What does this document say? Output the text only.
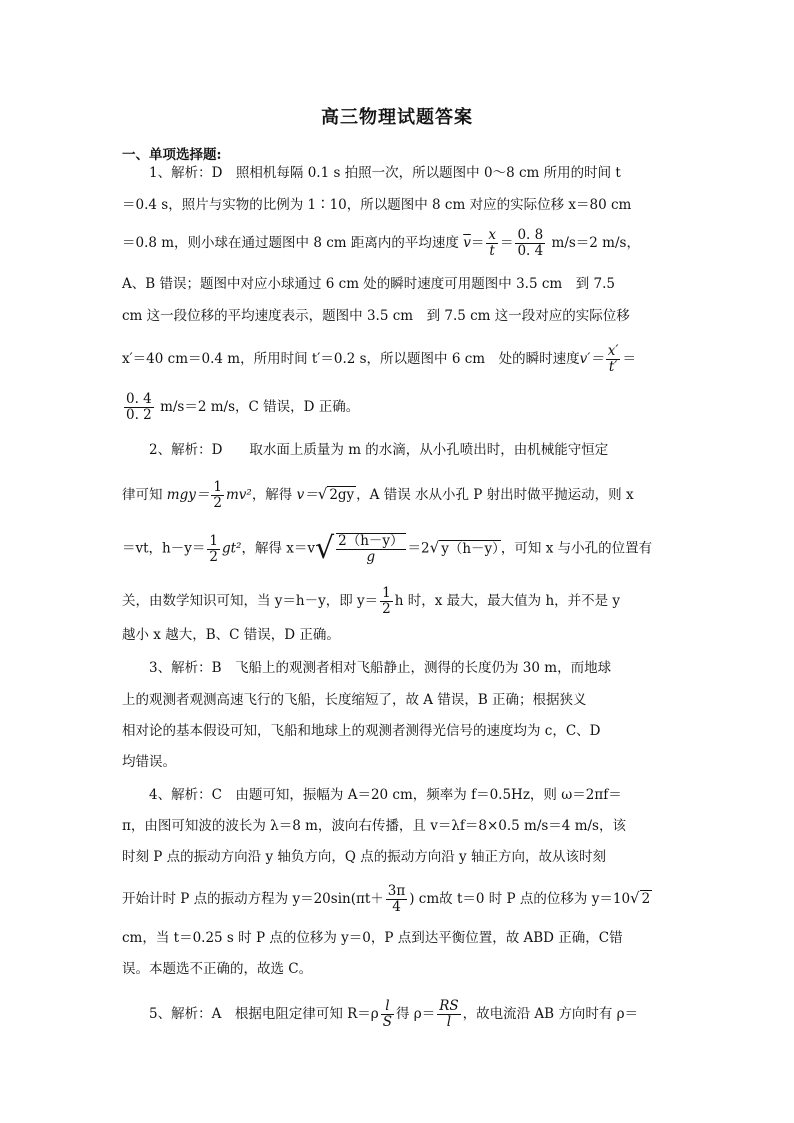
高三物理试题答案
一、单项选择题:
1、解析：D　照相机每隔 0.1 s 拍照一次，所以题图中 0～8 cm 所用的时间 t
＝0.4 s，照片与实物的比例为 1∶10，所以题图中 8 cm 对应的实际位移 x＝80 cm
＝0.8 m，则小球在通过题图中 8 cm 距离内的平均速度 $\overline{v}= \frac{x}{t} = \frac{0. 8}{0. 4} m/s=2$ m/s，
A、B 错误；题图中对应小球通过 6 cm 处的瞬时速度可用题图中 3.5 cm　到 7.5
cm 这一段位移的平均速度表示，题图中 3.5 cm　到 7.5 cm 这一段对应的实际位移
x′＝40 cm＝0.4 m，所用时间 t′＝0.2 s，所以题图中 6 cm　处的瞬时速度$v'= \frac{x'}{t'}$ ＝
$\frac{0. 4}{0. 2} m/s=2$ m/s，C 错误，D 正确。
2、解析：D　　取水面上质量为 m 的水滴，从小孔喷出时，由机械能守恒定
律可知 $mgy= \frac{1}{2} mv^2$，解得 v＝√ 2gy ，A 错误 水从小孔 P 射出时做平抛运动，则 x
＝vt，$h-y= \frac{1}{2} gt^2$，解得 $x=v√ \frac{2(h-y)}{g} =2√$ y（h－y） ，可知 x 与小孔的位置有
关，由数学知识可知，当 y＝h－y，即 $y= \frac{1}{2}$ h 时，x 最大，最大值为 h，并不是 y
越小 x 越大，B、C 错误，D 正确。
3、解析：B　飞船上的观测者相对飞船静止，测得的长度仍为 30 m，而地球
上的观测者观测高速飞行的飞船，长度缩短了，故 A 错误，B 正确；根据狭义
相对论的基本假设可知，飞船和地球上的观测者测得光信号的速度均为 c，C、D
均错误。
4、解析：C　由题可知，振幅为 A＝20 cm，频率为 f＝0.5Hz，则 ω＝2πf＝
π，由图可知波的波长为 λ＝8 m，波向右传播，且 v＝λf＝8×0.5 m/s＝4 m/s，该
时刻 P 点的振动方向沿 y 轴负方向，Q 点的振动方向沿 y 轴正方向，故从该时刻
开始计时 P 点的振动方程为 $y=20\sin(\pi t+ \frac{3\pi}{4}$ ) cm故 t＝0 时 P 点的位移为 y＝10√ 2
cm，当 t＝0.25 s 时 P 点的位移为 y＝0，P 点到达平衡位置，故 ABD 正确，C错
误。本题选不正确的，故选 C。
5、解析：A　根据电阻定律可知 $R=\rho \frac{l}{S}$ 得 $\rho= \frac{RS}{l}$ ，故电流沿 AB 方向时有 ρ＝
